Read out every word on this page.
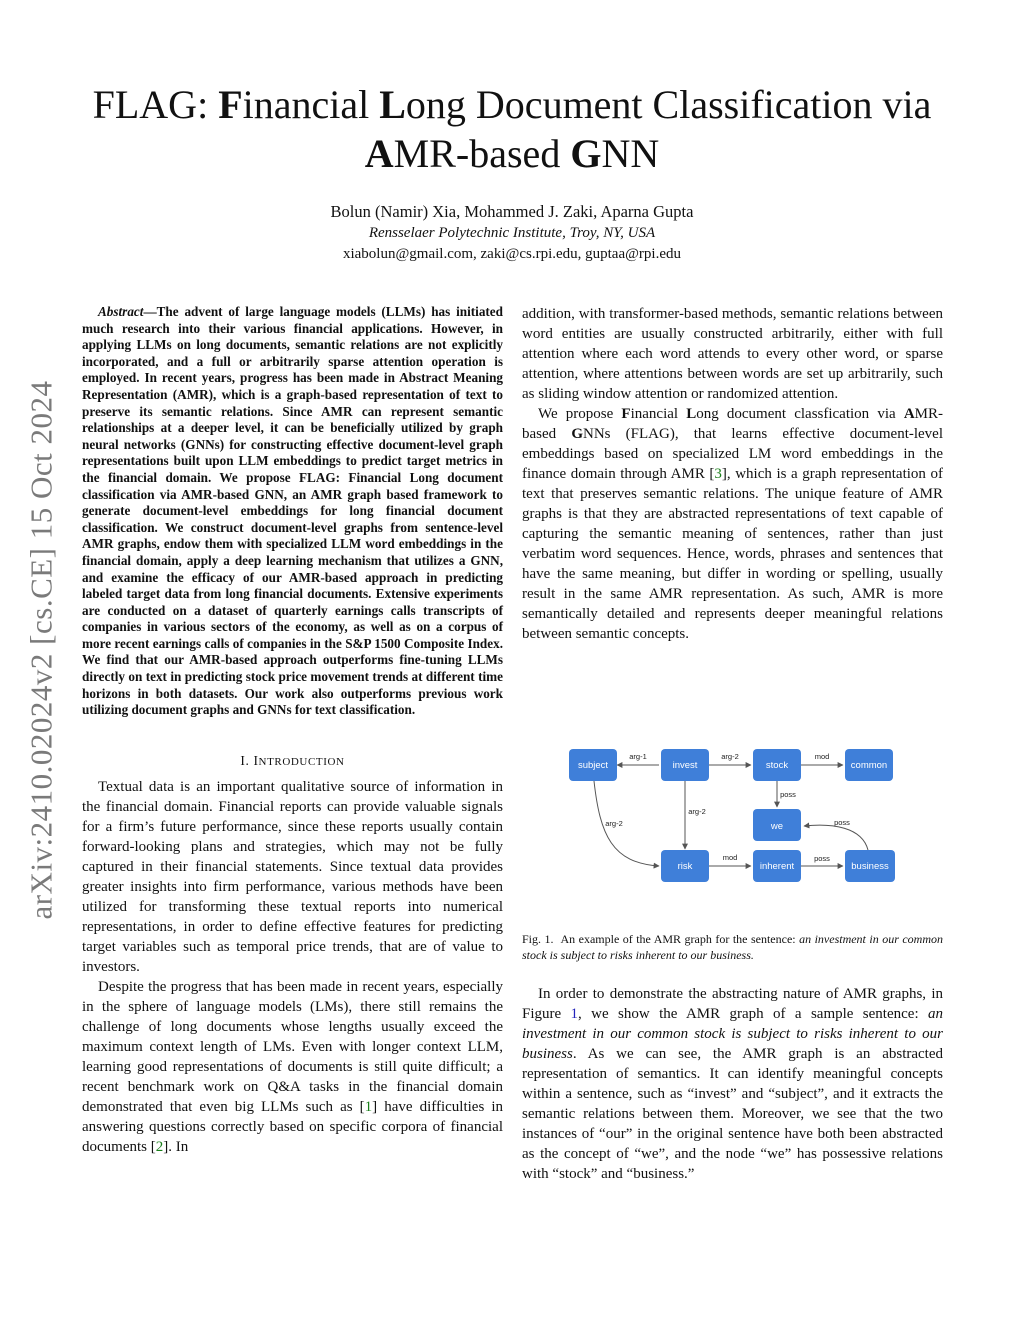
arXiv:2410.02024v2 [cs.CE] 15 Oct 2024
FLAG: Financial Long Document Classification via
AMR-based GNN
Bolun (Namir) Xia, Mohammed J. Zaki, Aparna Gupta
Rensselaer Polytechnic Institute, Troy, NY, USA
xiabolun@gmail.com, zaki@cs.rpi.edu, guptaa@rpi.edu

Abstract—The advent of large language models (LLMs) has initiated much research into their various financial applications. However, in applying LLMs on long documents, semantic relations are not explicitly incorporated, and a full or arbitrarily sparse attention operation is employed. In recent years, progress has been made in Abstract Meaning Representation (AMR), which is a graph-based representation of text to preserve its semantic relations. Since AMR can represent semantic relationships at a deeper level, it can be beneficially utilized by graph neural networks (GNNs) for constructing effective document-level graph representations built upon LLM embeddings to predict target metrics in the financial domain. We propose FLAG: Financial Long document classification via AMR-based GNN, an AMR graph based framework to generate document-level embeddings for long financial document classification. We construct document-level graphs from sentence-level AMR graphs, endow them with specialized LLM word embeddings in the financial domain, apply a deep learning mechanism that utilizes a GNN, and examine the efficacy of our AMR-based approach in predicting labeled target data from long financial documents. Extensive experiments are conducted on a dataset of quarterly earnings calls transcripts of companies in various sectors of the economy, as well as on a corpus of more recent earnings calls of companies in the S&P 1500 Composite Index. We find that our AMR-based approach outperforms fine-tuning LLMs directly on text in predicting stock price movement trends at different time horizons in both datasets. Our work also outperforms previous work utilizing document graphs and GNNs for text classification.

I. INTRODUCTION

Textual data is an important qualitative source of information in the financial domain. Financial reports can provide valuable signals for a firm’s future performance, since these reports usually contain forward-looking plans and strategies, which may not be fully captured in their financial statements. Since textual data provides greater insights into firm performance, various methods have been utilized for transforming these textual reports into numerical representations, in order to define effective features for predicting target variables such as temporal price trends, that are of value to investors.

Despite the progress that has been made in recent years, especially in the sphere of language models (LMs), there still remains the challenge of long documents whose lengths usually exceed the maximum context length of LMs. Even with longer context LLM, learning good representations of documents is still quite difficult; a recent benchmark work on Q&A tasks in the financial domain demonstrated that even big LLMs such as [1] have difficulties in answering questions correctly based on specific corpora of financial documents [2]. In

addition, with transformer-based methods, semantic relations between word entities are usually constructed arbitrarily, either with full attention where each word attends to every other word, or sparse attention, where attentions between words are set up arbitrarily, such as sliding window attention or randomized attention.

We propose Financial Long document classfication via AMR-based GNNs (FLAG), that learns effective document-level embeddings based on specialized LM word embeddings in the finance domain through AMR [3], which is a graph representation of text that preserves semantic relations. The unique feature of AMR graphs is that they are abstracted representations of text capable of capturing the semantic meaning of sentences, rather than just verbatim word sequences. Hence, words, phrases and sentences that have the same meaning, but differ in wording or spelling, usually result in the same AMR representation. As such, AMR is more semantically detailed and represents deeper meaningful relations between semantic concepts.

arg-1	arg-2	mod
poss
arg-2
arg-2
mod	poss
poss
subject	invest	stock	common
we
risk	inherent	business
Fig. 1. An example of the AMR graph for the sentence: an investment in our common stock is subject to risks inherent to our business.

In order to demonstrate the abstracting nature of AMR graphs, in Figure 1, we show the AMR graph of a sample sentence: an investment in our common stock is subject to risks inherent to our business. As we can see, the AMR graph is an abstracted representation of semantics. It can identify meaningful concepts within a sentence, such as “invest” and “subject”, and it extracts the semantic relations between them. Moreover, we see that the two instances of “our” in the original sentence have both been abstracted as the concept of “we”, and the node “we” has possessive relations with “stock” and “business.”
